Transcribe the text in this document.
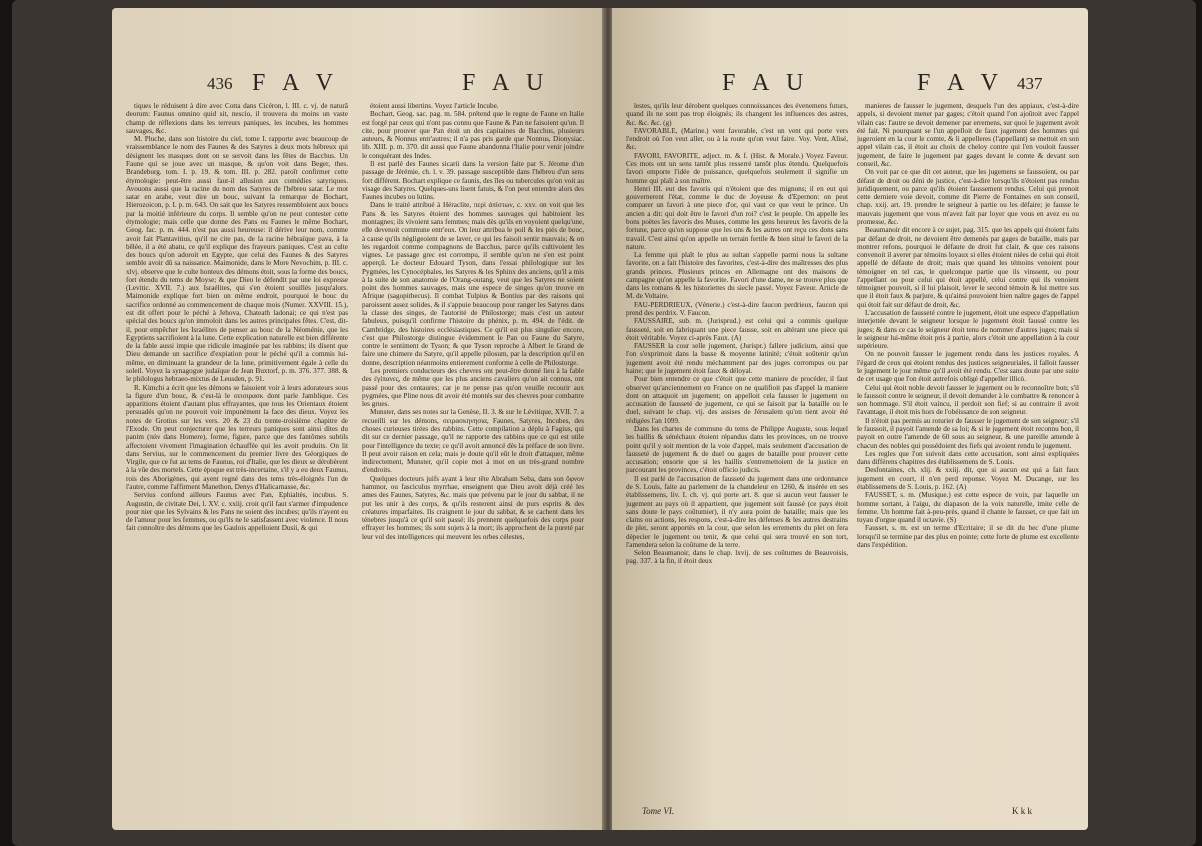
436 F A V	F A U

tiques le réduisent à dire avec Cotta dans Cicéron, l. III. c. vj. de naturâ deorum: Faunus omnino quid sit, nescio, il trouvera du moins un vaste champ de réflexions dans les terreurs paniques, les incubes, les hommes sauvages, &c.

M. Pluche, dans son histoire du ciel, tome I. rapporte avec beaucoup de vraissemblance le nom des Faunes & des Satyres à deux mots hébreux qui désignent les masques dont on se servoit dans les fêtes de Bacchus. Un Faune qui se joue avec un masque, & qu'on voit dans Beger, thes. Brandeburg. tom. I. p. 19. & tom. III. p. 282. paroît confirmer cette étymologie: peut-être aussi faut-il allusion aux comédies satyriques. Avouons aussi que la racine du nom des Satyres de l'hébreu satar. Le mot satar en arabe, veut dire un bouc, suivant la remarque de Bochart, Hierozoicon, p. I. p. m. 643. On sait que les Satyres ressembloient aux boucs par la moitié inférieure du corps. Il semble qu'on ne peut contester cette étymologie; mais celle que donne des Pans ou Faunes le même Bochart, Geog. fac. p. m. 444. n'est pas aussi heureuse: il dérive leur nom, comme avoit fait Plantavitius, qu'il ne cite pas, de la racine hébraïque pava, à la bêlée, il a été abatu, ce qu'il explique des frayeurs paniques. C'est au culte des boucs qu'on adoroit en Egypte, que celui des Faunes & des Satyres semble avoir dû sa naissance. Maimonide, dans le More Nevochim, p. III. c. xlvj. observe que le culte honteux des démons étoit, sous la forme des boucs, fort étendu du tems de Moyse; & que Dieu le défendit par une loi expresse (Levitic. XVII. 7.) aux Israélites, qui s'en étoient souillés jusqu'alors. Maimonide explique fort bien un même endroit, pourquoi le bouc du sacrifice ordonné au commencement de chaque mois (Numer. XXVIII. 15.), est dit offert pour le péché à Jehova, Chateath ladonai; ce qui n'est pas spécial des boucs qu'on immoloit dans les autres principales fêtes. C'est, dit-il, pour empêcher les Israélites de penser au bouc de la Néoménie, que les Egyptiens sacrifioient à la lune. Cette explication naturelle est bien différente de la fable aussi impie que ridicule imaginée par les rabbins; ils disent que Dieu demande un sacrifice d'expiation pour le péché qu'il a commis lui-même, en diminuant la grandeur de la lune, primitivement égale à celle du soleil. Voyez la synagogue judaïque de Jean Buxtorf, p. m. 376. 377. 388. & le philologus hebraeo-mixtus de Leusden, p. 91.

R. Kimchi a écrit que les démons se faisoient voir à leurs adorateurs sous la figure d'un bouc, & c'est-là le σεισιρασκ dont parle Jamblique. Ces apparitions étoient d'autant plus effrayantes, que tous les Orientaux étoient persuadés qu'on ne pouvoit voir impunément la face des dieux. Voyez les notes de Grotius sur les vers. 20 & 23 du trente-troisième chapitre de l'Exode. On peut conjecturer que les terreurs paniques sont ainsi dites du panim (πάν dans Homere), forme, figure, parce que des fantômes subtils affectoient vivement l'imagination échauffée qui les avoit produits. On lit dans Servius, sur le commencement du premier livre des Géorgiques de Virgile, que ce fut au tems de Faunus, roi d'Italie, que les dieux se dérobèrent à la vûe des mortels. Cette époque est très-incertaine, s'il y a eu deux Faunus, rois des Aborigènes, qui ayent regné dans des tems très-éloignés l'un de l'autre, comme l'affirment Manethon, Denys d'Halicarnasse, &c.

Servius confond ailleurs Faunus avec Pan, Ephialtès, incubus. S. Augustin, de civitate Dei, l. XV. c. xxiij. croit qu'il faut s'armer d'impudence pour nier que les Sylvains & les Pans ne soient des incubes; qu'ils n'ayent eu de l'amour pour les femmes, ou qu'ils ne le satisfassent avec violence. Il nous fait connoître des démons que les Gaulois appelloient Dusii, & qui

étoient aussi libertins. Voyez l'article Incube.

Bochart, Geog. sac. pag. m. 584. prétend que le regne de Faune en Italie est forgé par ceux qui n'ont pas connu que Faune & Pan ne faisoient qu'un. Il cite, pour prouver que Pan étoit un des capitaines de Bacchus, plusieurs auteurs, & Nonnus entr'autres; il n'a pas pris garde que Nonnus, Dionysiac. lib. XIII. p. m. 370. dit aussi que Faune abandonna l'Italie pour venir joindre le conquérant des Indes.

Il est parlé des Faunes sicarii dans la version faite par S. Jérome d'un passage de Jérémie, ch. l. v. 39. passage susceptible dans l'hébreu d'un sens fort différent. Bochart explique ce faunis, des îles ou tubercules qu'on voit au visage des Satyres. Quelques-uns lisent fatuis, & l'on peut entendre alors des Faunes incubes ou lutins.

Dans le traité attribué à Héraclite, περὶ ἀπίστων, c. xxv. on voit que les Pans & les Satyres étoient des hommes sauvages qui habitoient les montagnes; ils vivoient sans femmes; mais dès qu'ils en voyoient quelqu'une, elle devenoit commune entr'eux. On leur attribua le poil & les piés de bouc, à cause qu'ils négligeoient de se laver, ce qui les faisoit sentir mauvais; & on les regardoit comme compagnons de Bacchus, parce qu'ils cultivoient les vignes. Le passage grec est corrompu, il semble qu'on ne s'en est point apperçû. Le docteur Edouard Tyson, dans l'essai philologique sur les Pygmées, les Cynocéphales, les Satyres & les Sphinx des anciens, qu'il a mis à la suite de son anatomie de l'Orang-outang, veut que les Satyres ne soient point des hommes sauvages, mais une espece de singes qu'on trouve en Afrique (sagopithecus). Il combat Tulpius & Bontius par des raisons qui paroissent assez solides, & il s'appuie beaucoup pour ranger les Satyres dans la classe des singes, de l'autorité de Philostorge; mais c'est un auteur fabuleux, puisqu'il confirme l'histoire du phénix, p. m. 494. de l'édit. de Cambridge, des histoires ecclésiastiques. Ce qu'il est plus singulier encore, c'est que Philostorge distingue évidemment le Pan ou Faune du Satyre, contre le sentiment de Tyson; & que Tyson reproche à Albert le Grand de faire une chimere du Satyre, qu'il appelle pilosum, par la description qu'il en donne, description néanmoins entierement conforme à celle de Philostorge.

Les premiers conducteurs des chevres ont peut-être donné lieu à la fable des ἐγίπανες, de même que les plus anciens cavaliers qu'on ait connus, ont passé pour des centaures; car je ne pense pas qu'on veuille recourir aux pygmées, que Pline nous dit avoir été montés sur des chevres pour combattre les grues.

Munster, dans ses notes sur la Genèse, II. 3. & sur le Lévitique, XVII. 7. a recueilli sur les démons, σειρασκηνησια, Faunes, Satyres, Incubes, des choses curieuses tirées des rabbins. Cette compilation a déplu à Fagius, qui dit sur ce dernier passage, qu'il ne rapporte des rabbins que ce qui est utile pour l'intelligence du texte; ce qu'il avoit annoncé dès la préface de son livre. Il peut avoir raison en cela; mais je doute qu'il eût le droit d'attaquer, même indirectement, Munster, qu'il copie mot à mot en un très-grand nombre d'endroits.

Quelques docteurs juifs ayant à leur tête Abraham Seba, dans son ὄφνον hammor, ou fasciculus myrrhae, enseignent que Dieu avoit déjà créé les ames des Faunes, Satyres, &c. mais que prévenu par le jour du sabbat, il ne put les unir à des corps, & qu'ils resterent ainsi de purs esprits & des créatures imparfaites. Ils craignent le jour du sabbat, & se cachent dans les ténebres jusqu'à ce qu'il soit passé; ils prennent quelquefois des corps pour effrayer les hommes; ils sont sujets à la mort; ils approchent de la pureté par leur vol des intelligences qui meuvent les orbes célestes,

F A U	F A V 437

lestes, qu'ils leur dérobent quelques connoissances des évenemens futurs, quand ils ne sont pas trop éloignés; ils changent les influences des astres, &c. &c. &c. (g)

FAVORABLE, (Marine.) vent favorable, c'est un vent qui porte vers l'endroit où l'on veut aller, ou à la route qu'on veut faire. Voy. Vent, Alisé, &c.

FAVORI, FAVORITE, adject. m. & f. (Hist. & Morale.) Voyez Faveur. Ces mots ont un sens tantôt plus resserré tantôt plus étendu. Quelquefois favori emporte l'idée de puissance, quelquefois seulement il signifie un homme qui plaît à son maître.

Henri III. eut des favoris qui n'étoient que des mignons; il en eut qui gouvernerent l'état, comme le duc de Joyeuse & d'Epernon: on peut comparer un favori à une piece d'or, qui vaut ce que veut le prince. Un ancien a dit: qui doit être le favori d'un roi? c'est le peuple. On appelle les bons poëtes les favoris des Muses, comme les gens heureux les favoris de la fortune, parce qu'on suppose que les uns & les autres ont reçu ces dons sans travail. C'est ainsi qu'on appelle un terrain fertile & bien situé le favori de la nature.

La femme qui plaît le plus au sultan s'appelle parmi nous la sultane favorite, on a fait l'histoire des favorites, c'est-à-dire des maîtresses des plus grands princes. Plusieurs princes en Allemagne ont des maisons de campagne qu'on appelle la favorite. Favori d'une dame, ne se trouve plus que dans les romans & les historiettes du siecle passé. Voyez Faveur. Article de M. de Voltaire.

FAU-PERDRIEUX, (Vénerie.) c'est-à-dire faucon perdrieux, faucon qui prend des perdrix. V. Faucon.

FAUSSAIRE, sub. m. (Jurisprud.) est celui qui a commis quelque fausseté, soit en fabriquant une piece fausse, soit en altérant une piece qui étoit véritable. Voyez ci-après Faux. (A)

FAUSSER la cour selle jugement, (Jurispr.) fallere judicium, ainsi que l'on s'exprimoit dans la basse & moyenne latinité; c'étoit soûtenir qu'un jugement avoit été rendu méchamment par des juges corrompus ou par haine; que le jugement étoit faux & déloyal.

Pour bien entendre ce que c'étoit que cette maniere de procéder, il faut observer qu'anciennement en France on ne qualifioit pas d'appel la maniere dont on attaquoit un jugement; on appelloit cela fausser le jugement ou accusation de fausseté de jugement, ce qui se faisoit par la bataille ou le duel, suivant le chap. vij. des assises de Jérusalem qu'on tient avoir été rédigées l'an 1099.

Dans les chartes de commune du tems de Philippe Auguste, sous lequel les baillis & sénéchaux étoient répandus dans les provinces, on ne trouve point qu'il y soit mention de la voie d'appel, mais seulement d'accusation de fausseté de jugement & de duel ou gages de bataille pour prouver cette accusation; ensorte que si les baillis s'entremettoient de la justice en parcourant les provinces, c'étoit officio judicis.

Il est parlé de l'accusation de fausseté du jugement dans une ordonnance de S. Louis, faite au parlement de la chandeleur en 1260, & insérée en ses établissemens, liv. I. ch. vj. qui porte art. 8. que si aucun veut fausser le jugement au pays où il appartient, que jugement soit faussé (ce pays étoit sans doute le pays coûtumier), il n'y aura point de bataille; mais que les clains ou actions, les respons, c'est-à-dire les défenses & les autres destrains de plet, seront apportés en la cour, que selon les errements du plet on fera dépecier le jugement ou tenir, & que celui qui sera trouvé en son tort, l'amendera selon la coûtume de la terre.

Selon Beaumanoir, dans le chap. lxvij. de ses coûtumes de Beauvoisis, pag. 337. à la fin, il étoit deux

manieres de fausser le jugement, desquels l'un des appiaux, c'est-à-dire appels, si devoient mener par gages; c'étoit quand l'on ajoûtoit avec l'appel vilain cas: l'autre se devoit demener par erremens, sur quoi le jugement avoit été fait. Ni pourquant se l'un appelloit de faux jugement des hommes qui jugeroient en la cour le comte, & li appelleres (l'appellant) se mettoit en son appel vilain cas, il étoit au choix de cheloy contre qui l'en vouloit fausser jugement, de faire le jugement par gages devant le comte & devant son conseil, &c.

On voit par ce que dit cet auteur, que les jugemens se faussoient, ou par défaut de droit ou déni de justice, c'est-à-dire lorsqu'ils n'étoient pas rendus juridiquement, ou parce qu'ils étoient faussement rendus. Celui qui prenoit cette derniere voie devoit, comme dit Pierre de Fontaines en son conseil, chap. xxij. art. 19. prendre le seigneur à partie ou les défaire; je fausse le mauvais jugement que vous m'avez fait par loyer que vous en avez eu ou promesse, &c.

Beaumanoir dit encore à ce sujet, pag. 315. que les appels qui étoient faits par défaut de droit, ne devoient être demenés par gages de bataille, mais par montrer refons, pourquoi le défaute de droit fut clair, & que ces raisons convenoit il averer par témoins loyaux si elles étoient niées de celui qui étoit appellé de défaute de droit; mais que quand les témoins venoient pour témoigner en tel cas, le quelconque partie que ils vinssent, ou pour l'appellant ou pour celui qui étoit appellé, celui contre qui ils venoient témoigner pouvoit, si il lui plaisoit, lever le second témoin & lui mettre sus que il étoit faux & parjure, & qu'ainsi pouvoient bien naître gages de l'appel qui étoit fait sur défaut de droit, &c.

L'accusation de fausseté contre le jugement, étoit une espece d'appellation interjettée devant le seigneur lorsque le jugement étoit faussé contre les juges; & dans ce cas le seigneur étoit tenu de nommer d'autres juges; mais si le seigneur lui-même étoit pris à partie, alors c'étoit une appellation à la cour supérieure.

On ne pouvoit fausser le jugement rendu dans les justices royales. A l'égard de ceux qui étoient rendus des justices seigneuriales, il falloit fausser le jugement le jour même qu'il avoit été rendu. C'est sans doute par une suite de cet usage que l'on étoit autrefois obligé d'appeller illicò.

Celui qui étoit noble devoit fausser le jugement ou le reconnoître bon; s'il le faussoit contre le seigneur, il devoit demander à le combattre & renoncer à son hommage. S'il étoit vaincu, il perdoit son fief; si au contraire il avoit l'avantage, il étoit mis hors de l'obéissance de son seigneur.

Il n'étoit pas permis au roturier de fausser le jugement de son seigneur; s'il le faussoit, il payoit l'amende de sa loi; & si le jugement étoit reconnu bon, il payoit en outre l'amende de 60 sous au seigneur, & une pareille amende à chacun des nobles qui possédoient des fiefs qui avoient rendu le jugement.

Les regles que l'on suivoit dans cette accusation, sont ainsi expliquées dans différens chapitres des établissemens de S. Louis.

Desfontaines, ch. xlij. & xxiij. dit, que si aucun est qui a fait faux jugement en court, il n'en perd reponse. Voyez M. Ducange, sur les établissemens de S. Louis, p. 162. (A)

FAUSSET, s. m. (Musique.) est cette espece de voix, par laquelle un homme sortant, à l'aigu, du diapason de la voix naturelle, imite celle de femme. Un homme fait à-peu-près, quand il chante le fausset, ce que fait un tuyau d'orgue quand il octavie. (S)

Fausset, s. m. est un terme d'Ecritaire; il se dit du bec d'une plume lorsqu'il se termine par des plus en pointe; cette forte de plume est excellente dans l'expédition.

Tome VI.	K k k
